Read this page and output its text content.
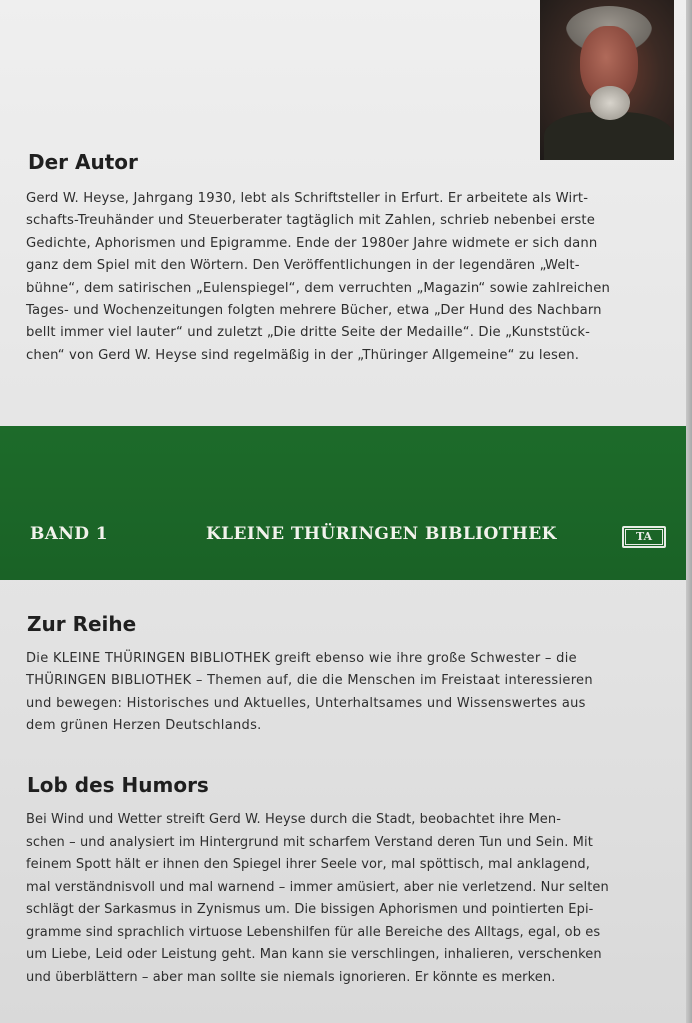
Der Autor
Gerd W. Heyse, Jahrgang 1930, lebt als Schriftsteller in Erfurt. Er arbeitete als Wirt-
schafts-Treuhänder und Steuerberater tagtäglich mit Zahlen, schrieb nebenbei erste
Gedichte, Aphorismen und Epigramme. Ende der 1980er Jahre widmete er sich dann
ganz dem Spiel mit den Wörtern. Den Veröffentlichungen in der legendären „Welt-
bühne“, dem satirischen „Eulenspiegel“, dem verruchten „Magazin“ sowie zahlreichen
Tages- und Wochenzeitungen folgten mehrere Bücher, etwa „Der Hund des Nachbarn
bellt immer viel lauter“ und zuletzt „Die dritte Seite der Medaille“. Die „Kunststück-
chen“ von Gerd W. Heyse sind regelmäßig in der „Thüringer Allgemeine“ zu lesen.
BAND 1	KLEINE THÜRINGEN BIBLIOTHEK	TA
Zur Reihe
Die KLEINE THÜRINGEN BIBLIOTHEK greift ebenso wie ihre große Schwester – die
THÜRINGEN BIBLIOTHEK – Themen auf, die die Menschen im Freistaat interessieren
und bewegen: Historisches und Aktuelles, Unterhaltsames und Wissenswertes aus
dem grünen Herzen Deutschlands.
Lob des Humors
Bei Wind und Wetter streift Gerd W. Heyse durch die Stadt, beobachtet ihre Men-
schen – und analysiert im Hintergrund mit scharfem Verstand deren Tun und Sein. Mit
feinem Spott hält er ihnen den Spiegel ihrer Seele vor, mal spöttisch, mal anklagend,
mal verständnisvoll und mal warnend – immer amüsiert, aber nie verletzend. Nur selten
schlägt der Sarkasmus in Zynismus um. Die bissigen Aphorismen und pointierten Epi-
gramme sind sprachlich virtuose Lebenshilfen für alle Bereiche des Alltags, egal, ob es
um Liebe, Leid oder Leistung geht. Man kann sie verschlingen, inhalieren, verschenken
und überblättern – aber man sollte sie niemals ignorieren. Er könnte es merken.
